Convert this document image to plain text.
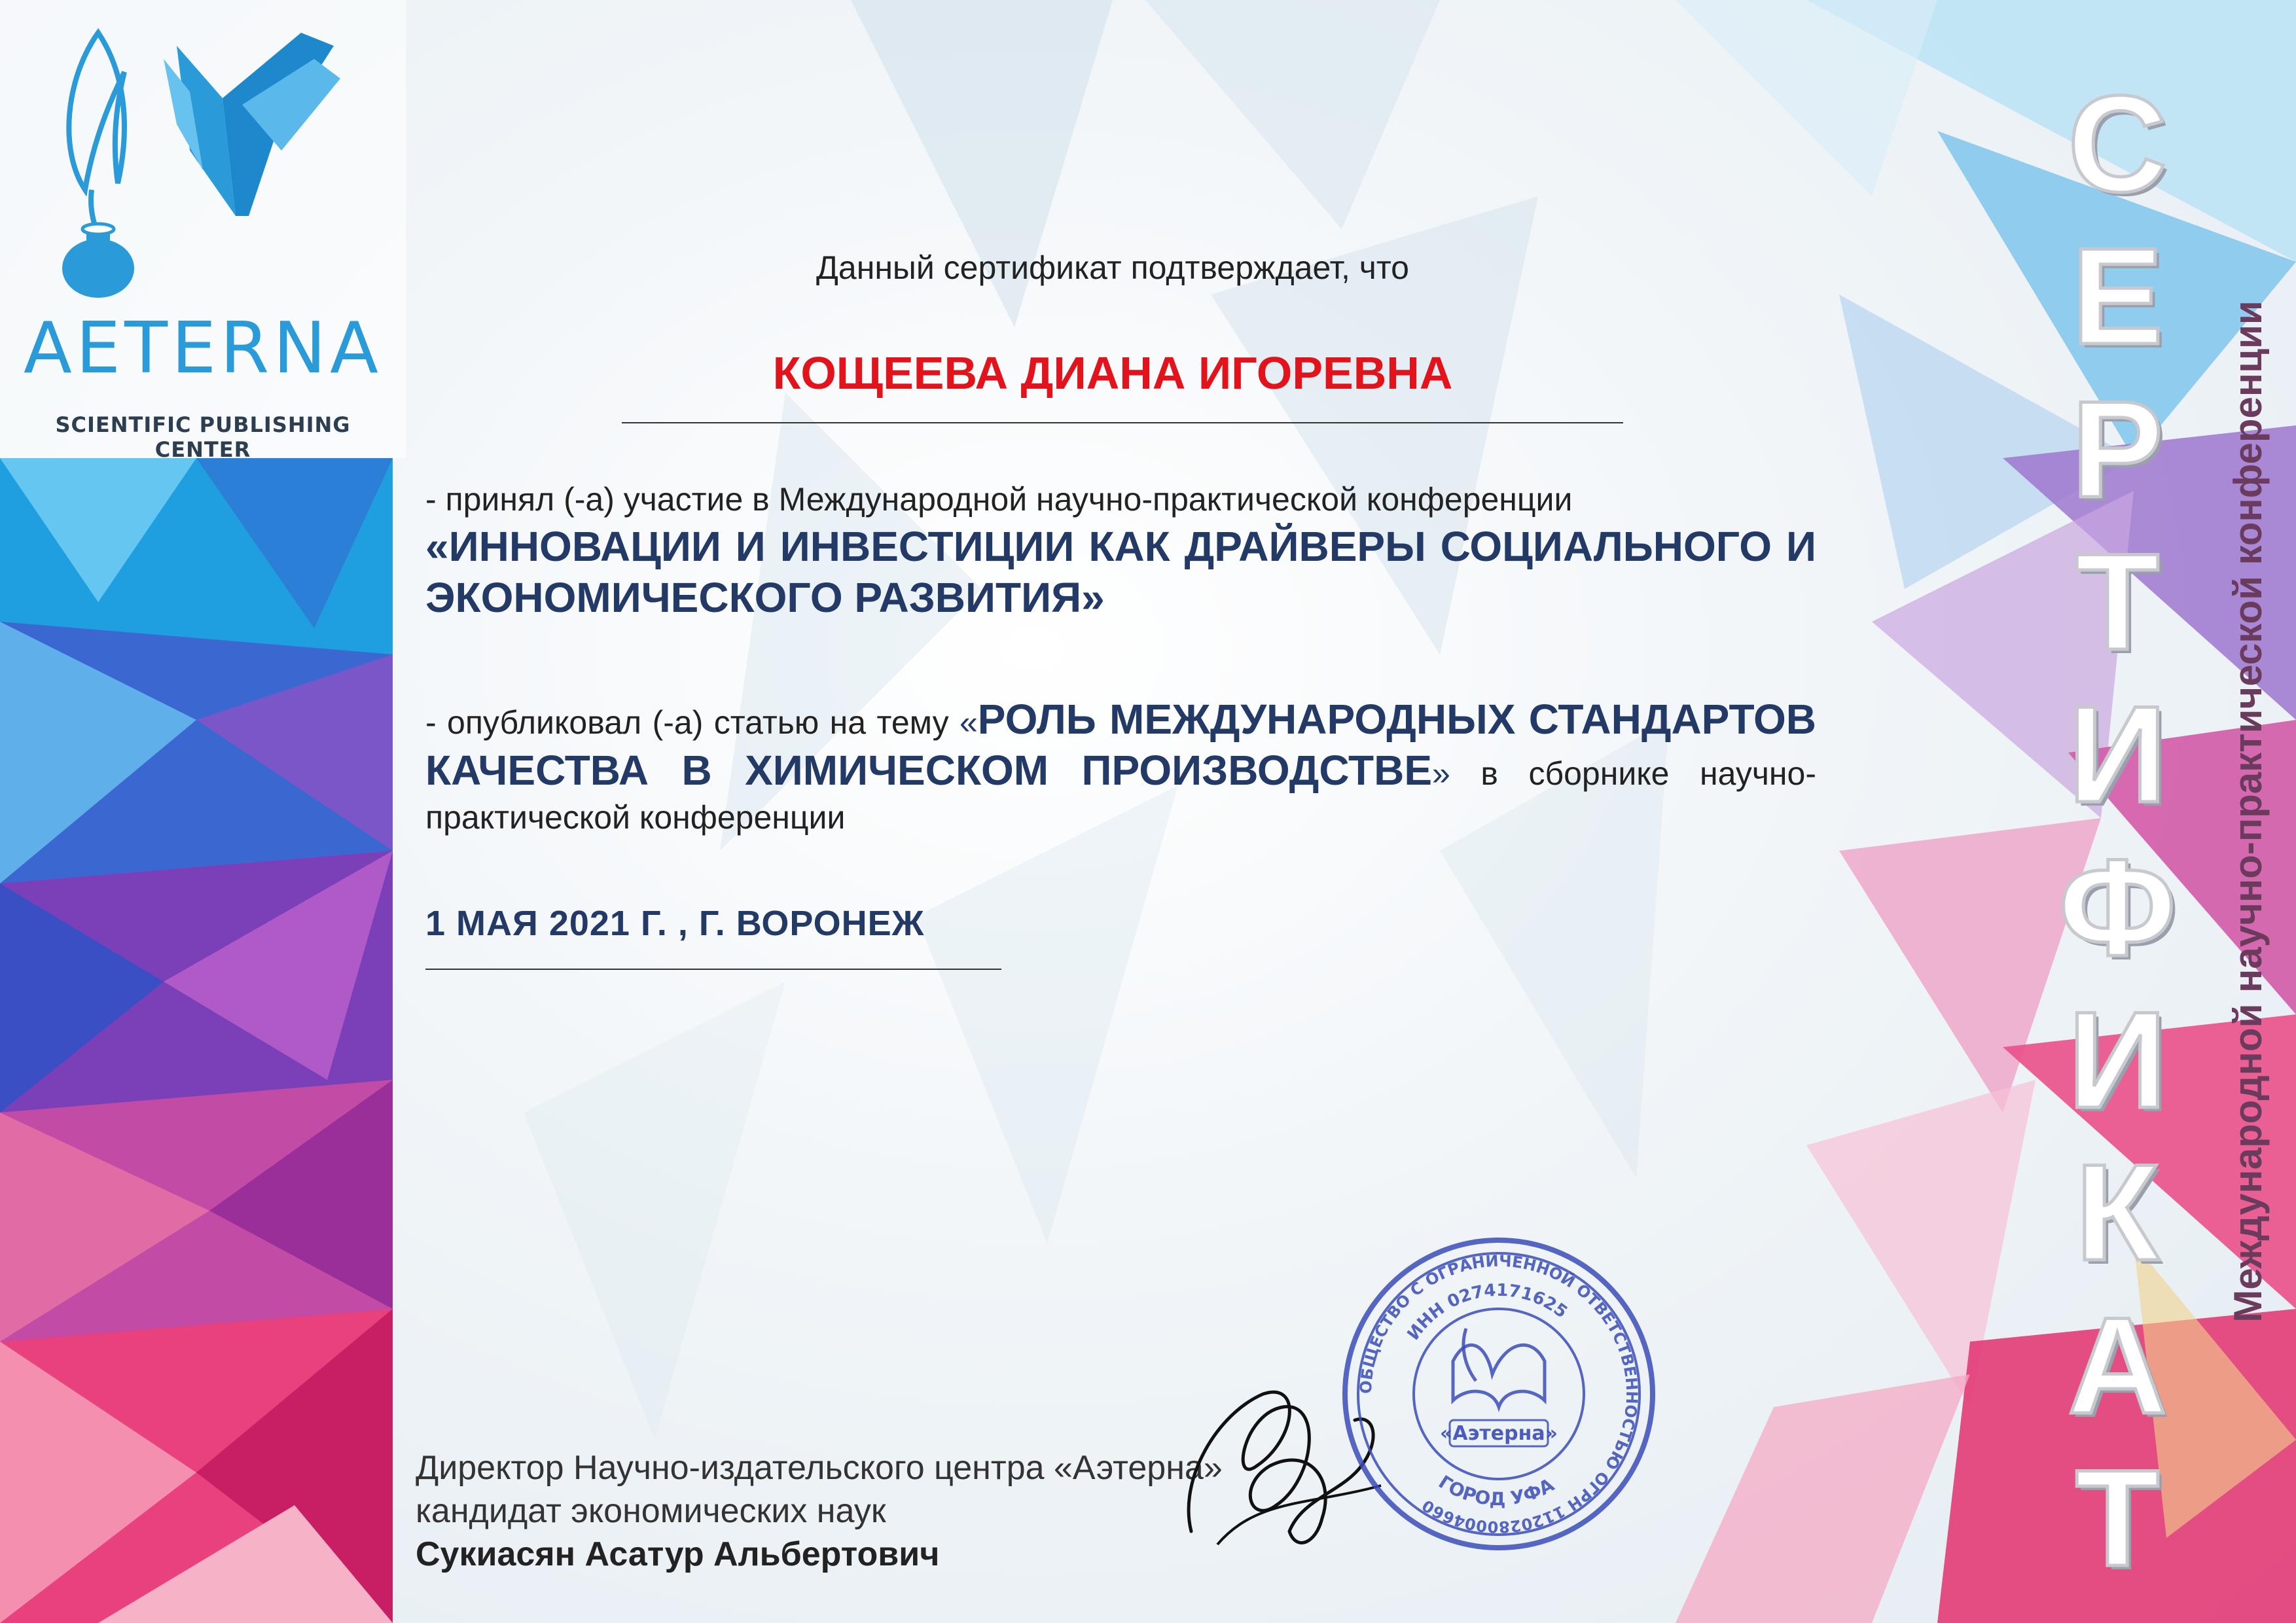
AETERNA
SCIENTIFIC PUBLISHING CENTER
Данный сертификат подтверждает, что
КОЩЕЕВА ДИАНА ИГОРЕВНА
- принял (-а) участие в Международной научно-практической конференции
«ИННОВАЦИИ И ИНВЕСТИЦИИ КАК ДРАЙВЕРЫ СОЦИАЛЬНОГО И ЭКОНОМИЧЕСКОГО РАЗВИТИЯ»
- опубликовал (-а) статью на тему «РОЛЬ МЕЖДУНАРОДНЫХ СТАНДАРТОВ КАЧЕСТВА В ХИМИЧЕСКОМ ПРОИЗВОДСТВЕ» в сборнике научно-практической конференции
1 МАЯ 2021 Г. , Г. ВОРОНЕЖ
Директор Научно-издательского центра «Аэтерна»
кандидат экономических наук
Сукиасян Асатур Альбертович
ОБЩЕСТВО С ОГРАНИЧЕННОЙ ОТВЕТСТВЕННОСТЬЮ ОГРН 1120280004660
ИНН 0274171625
ГОРОД УФА
«Аэтерна»
С
Е
Р
Т
И
Ф
И
К
А
Т
Международной научно-практической конференции
